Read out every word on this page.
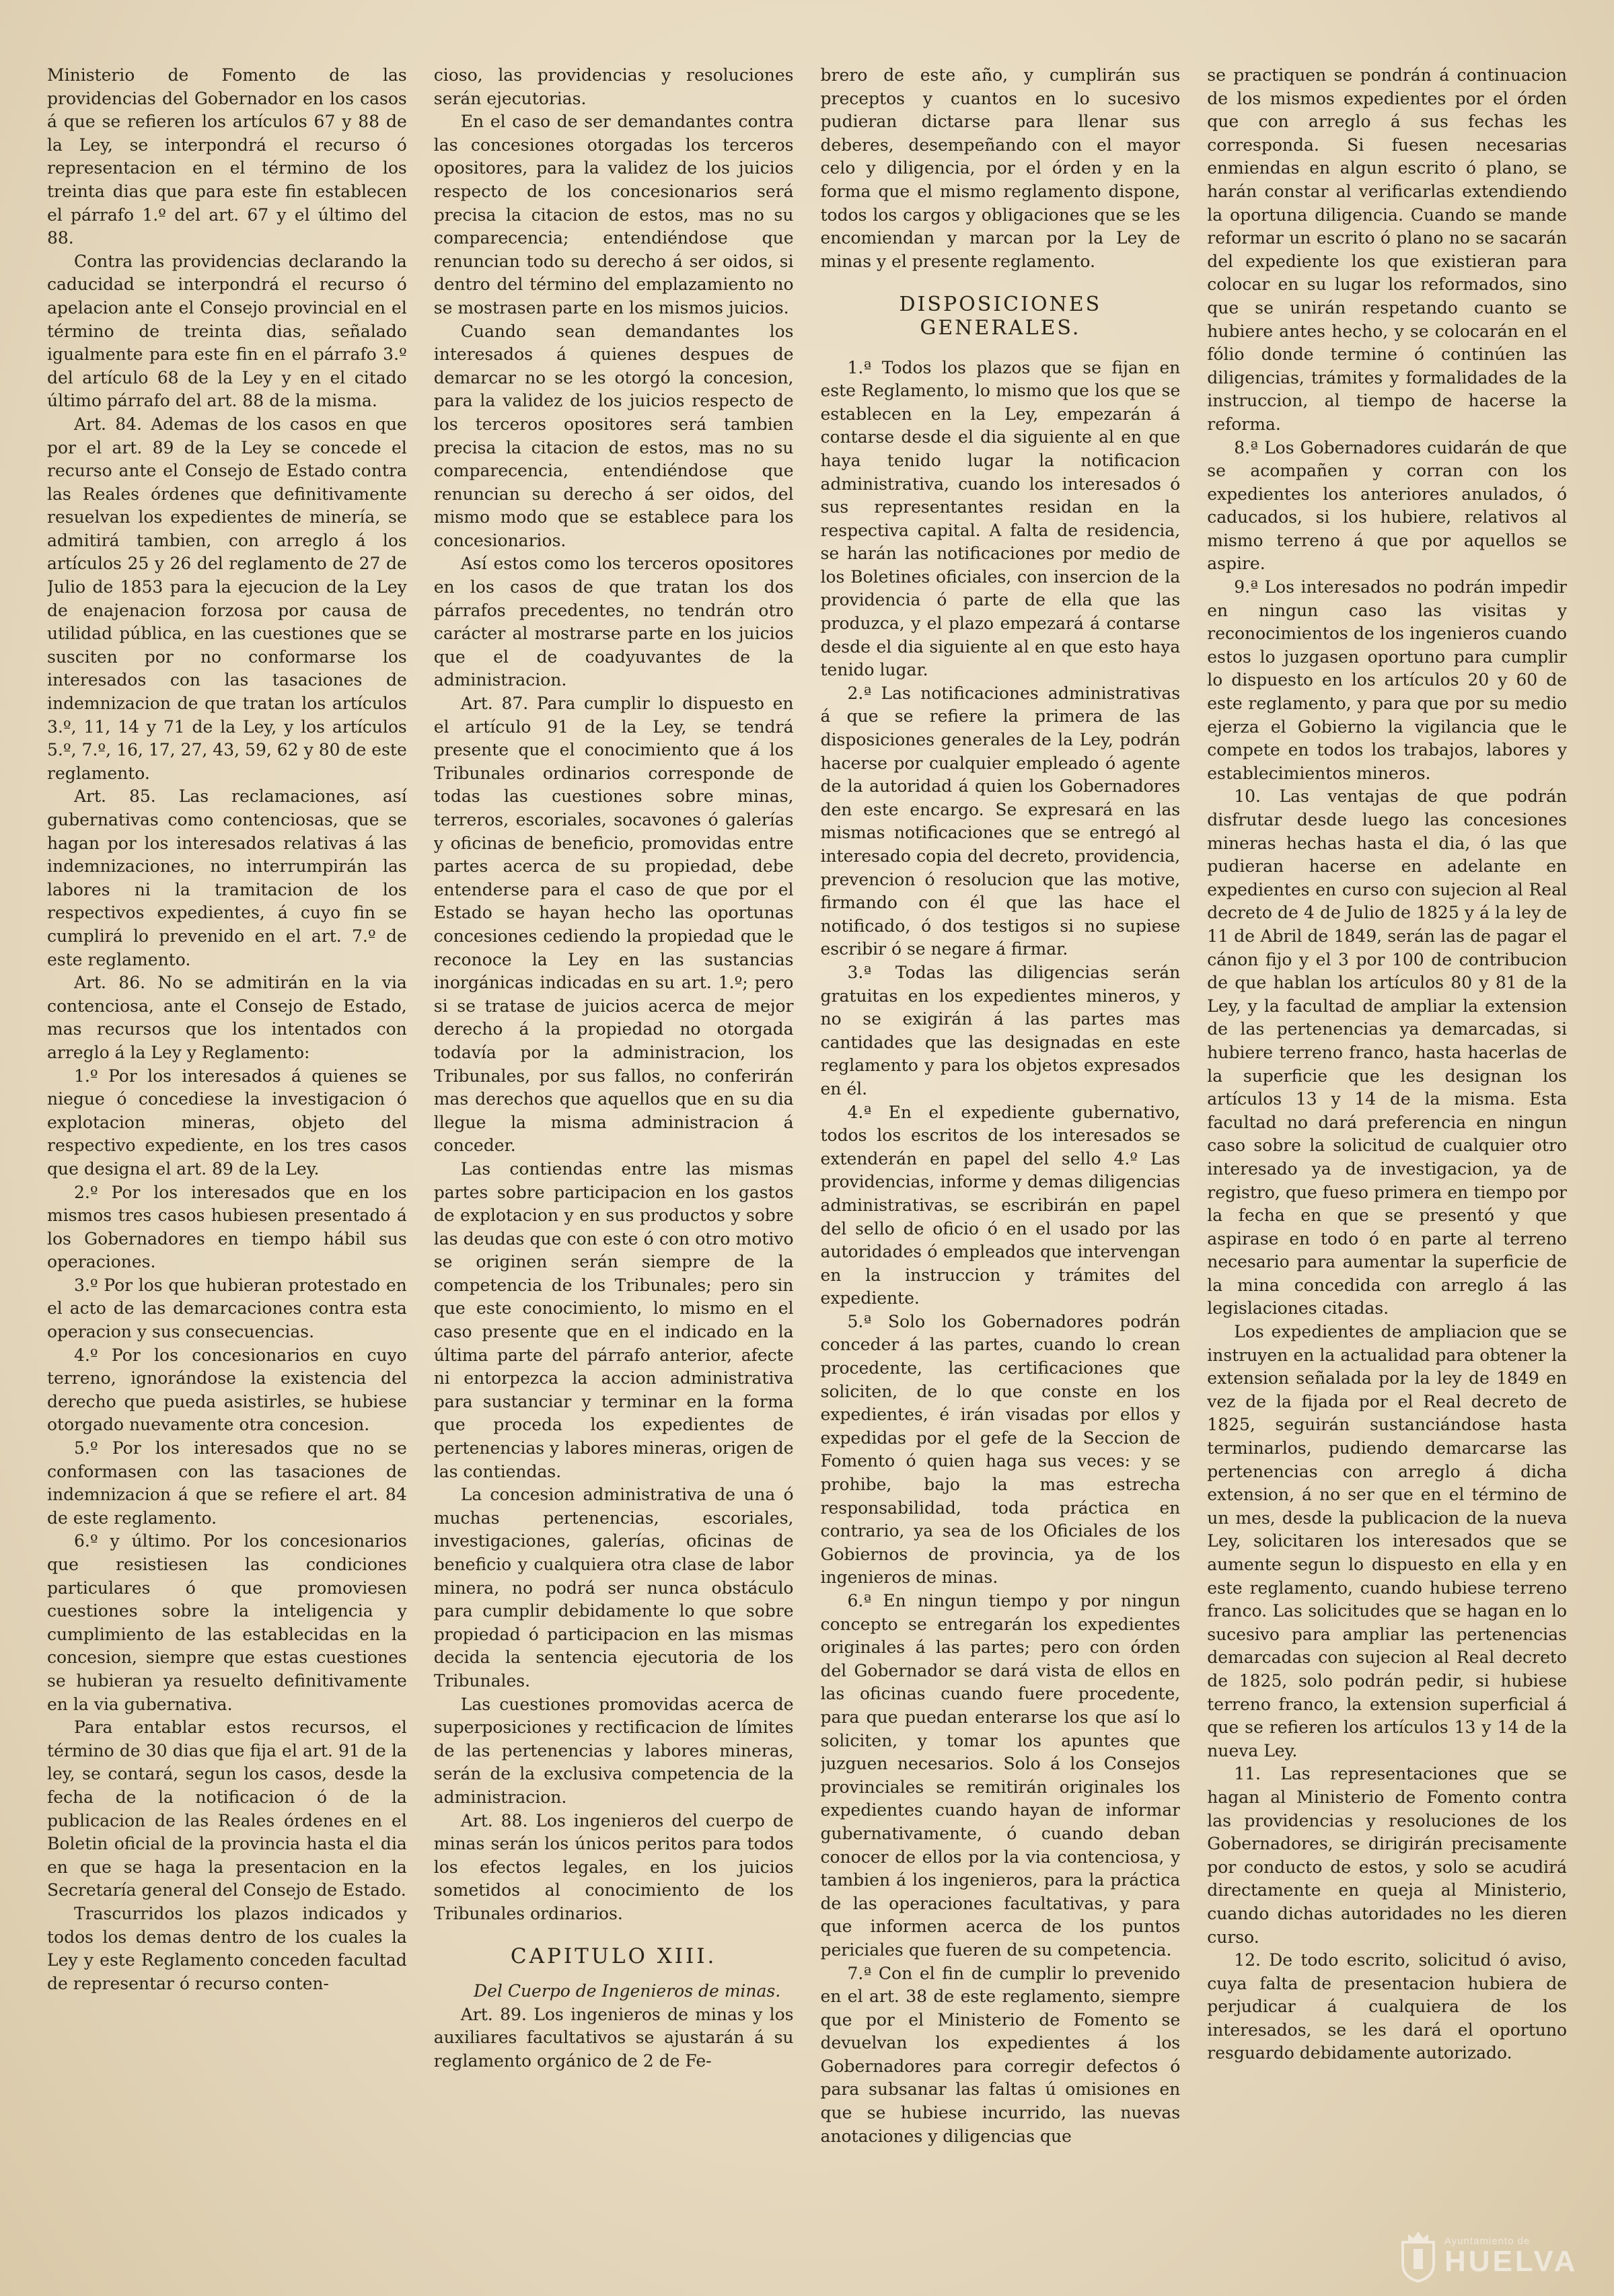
Ministerio de Fomento de las providencias del Gobernador en los casos á que se refieren los artículos 67 y 88 de la Ley, se interpondrá el recurso ó representacion en el término de los treinta dias que para este fin establecen el párrafo 1.º del art. 67 y el último del 88.

Contra las providencias declarando la caducidad se interpondrá el recurso ó apelacion ante el Consejo provincial en el término de treinta dias, señalado igualmente para este fin en el párrafo 3.º del artículo 68 de la Ley y en el citado último párrafo del art. 88 de la misma.

Art. 84. Ademas de los casos en que por el art. 89 de la Ley se concede el recurso ante el Consejo de Estado contra las Reales órdenes que definitivamente resuelvan los expedientes de minería, se admitirá tambien, con arreglo á los artículos 25 y 26 del reglamento de 27 de Julio de 1853 para la ejecucion de la Ley de enajenacion forzosa por causa de utilidad pública, en las cuestiones que se susciten por no conformarse los interesados con las tasaciones de indemnizacion de que tratan los artículos 3.º, 11, 14 y 71 de la Ley, y los artículos 5.º, 7.º, 16, 17, 27, 43, 59, 62 y 80 de este reglamento.

Art. 85. Las reclamaciones, así gubernativas como contenciosas, que se hagan por los interesados relativas á las indemnizaciones, no interrumpirán las labores ni la tramitacion de los respectivos expedientes, á cuyo fin se cumplirá lo prevenido en el art. 7.º de este reglamento.

Art. 86. No se admitirán en la via contenciosa, ante el Consejo de Estado, mas recursos que los intentados con arreglo á la Ley y Reglamento:

1.º Por los interesados á quienes se niegue ó concediese la investigacion ó explotacion mineras, objeto del respectivo expediente, en los tres casos que designa el art. 89 de la Ley.

2.º Por los interesados que en los mismos tres casos hubiesen presentado á los Gobernadores en tiempo hábil sus operaciones.

3.º Por los que hubieran protestado en el acto de las demarcaciones contra esta operacion y sus consecuencias.

4.º Por los concesionarios en cuyo terreno, ignorándose la existencia del derecho que pueda asistirles, se hubiese otorgado nuevamente otra concesion.

5.º Por los interesados que no se conformasen con las tasaciones de indemnizacion á que se refiere el art. 84 de este reglamento.

6.º y último. Por los concesionarios que resistiesen las condiciones particulares ó que promoviesen cuestiones sobre la inteligencia y cumplimiento de las establecidas en la concesion, siempre que estas cuestiones se hubieran ya resuelto definitivamente en la via gubernativa.

Para entablar estos recursos, el término de 30 dias que fija el art. 91 de la ley, se contará, segun los casos, desde la fecha de la notificacion ó de la publicacion de las Reales órdenes en el Boletin oficial de la provincia hasta el dia en que se haga la presentacion en la Secretaría general del Consejo de Estado.

Trascurridos los plazos indicados y todos los demas dentro de los cuales la Ley y este Reglamento conceden facultad de representar ó recurso conten-

cioso, las providencias y resoluciones serán ejecutorias.

En el caso de ser demandantes contra las concesiones otorgadas los terceros opositores, para la validez de los juicios respecto de los concesionarios será precisa la citacion de estos, mas no su comparecencia; entendiéndose que renuncian todo su derecho á ser oidos, si dentro del término del emplazamiento no se mostrasen parte en los mismos juicios.

Cuando sean demandantes los interesados á quienes despues de demarcar no se les otorgó la concesion, para la validez de los juicios respecto de los terceros opositores será tambien precisa la citacion de estos, mas no su comparecencia, entendiéndose que renuncian su derecho á ser oidos, del mismo modo que se establece para los concesionarios.

Así estos como los terceros opositores en los casos de que tratan los dos párrafos precedentes, no tendrán otro carácter al mostrarse parte en los juicios que el de coadyuvantes de la administracion.

Art. 87. Para cumplir lo dispuesto en el artículo 91 de la Ley, se tendrá presente que el conocimiento que á los Tribunales ordinarios corresponde de todas las cuestiones sobre minas, terreros, escoriales, socavones ó galerías y oficinas de beneficio, promovidas entre partes acerca de su propiedad, debe entenderse para el caso de que por el Estado se hayan hecho las oportunas concesiones cediendo la propiedad que le reconoce la Ley en las sustancias inorgánicas indicadas en su art. 1.º; pero si se tratase de juicios acerca de mejor derecho á la propiedad no otorgada todavía por la administracion, los Tribunales, por sus fallos, no conferirán mas derechos que aquellos que en su dia llegue la misma administracion á conceder.

Las contiendas entre las mismas partes sobre participacion en los gastos de explotacion y en sus productos y sobre las deudas que con este ó con otro motivo se originen serán siempre de la competencia de los Tribunales; pero sin que este conocimiento, lo mismo en el caso presente que en el indicado en la última parte del párrafo anterior, afecte ni entorpezca la accion administrativa para sustanciar y terminar en la forma que proceda los expedientes de pertenencias y labores mineras, origen de las contiendas.

La concesion administrativa de una ó muchas pertenencias, escoriales, investigaciones, galerías, oficinas de beneficio y cualquiera otra clase de labor minera, no podrá ser nunca obstáculo para cumplir debidamente lo que sobre propiedad ó participacion en las mismas decida la sentencia ejecutoria de los Tribunales.

Las cuestiones promovidas acerca de superposiciones y rectificacion de límites de las pertenencias y labores mineras, serán de la exclusiva competencia de la administracion.

Art. 88. Los ingenieros del cuerpo de minas serán los únicos peritos para todos los efectos legales, en los juicios sometidos al conocimiento de los Tribunales ordinarios.

CAPITULO XIII.

Del Cuerpo de Ingenieros de minas.

Art. 89. Los ingenieros de minas y los auxiliares facultativos se ajustarán á su reglamento orgánico de 2 de Fe-

brero de este año, y cumplirán sus preceptos y cuantos en lo sucesivo pudieran dictarse para llenar sus deberes, desempeñando con el mayor celo y diligencia, por el órden y en la forma que el mismo reglamento dispone, todos los cargos y obligaciones que se les encomiendan y marcan por la Ley de minas y el presente reglamento.

DISPOSICIONES GENERALES.

1.ª Todos los plazos que se fijan en este Reglamento, lo mismo que los que se establecen en la Ley, empezarán á contarse desde el dia siguiente al en que haya tenido lugar la notificacion administrativa, cuando los interesados ó sus representantes residan en la respectiva capital. A falta de residencia, se harán las notificaciones por medio de los Boletines oficiales, con insercion de la providencia ó parte de ella que las produzca, y el plazo empezará á contarse desde el dia siguiente al en que esto haya tenido lugar.

2.ª Las notificaciones administrativas á que se refiere la primera de las disposiciones generales de la Ley, podrán hacerse por cualquier empleado ó agente de la autoridad á quien los Gobernadores den este encargo. Se expresará en las mismas notificaciones que se entregó al interesado copia del decreto, providencia, prevencion ó resolucion que las motive, firmando con él que las hace el notificado, ó dos testigos si no supiese escribir ó se negare á firmar.

3.ª Todas las diligencias serán gratuitas en los expedientes mineros, y no se exigirán á las partes mas cantidades que las designadas en este reglamento y para los objetos expresados en él.

4.ª En el expediente gubernativo, todos los escritos de los interesados se extenderán en papel del sello 4.º Las providencias, informe y demas diligencias administrativas, se escribirán en papel del sello de oficio ó en el usado por las autoridades ó empleados que intervengan en la instruccion y trámites del expediente.

5.ª Solo los Gobernadores podrán conceder á las partes, cuando lo crean procedente, las certificaciones que soliciten, de lo que conste en los expedientes, é irán visadas por ellos y expedidas por el gefe de la Seccion de Fomento ó quien haga sus veces: y se prohibe, bajo la mas estrecha responsabilidad, toda práctica en contrario, ya sea de los Oficiales de los Gobiernos de provincia, ya de los ingenieros de minas.

6.ª En ningun tiempo y por ningun concepto se entregarán los expedientes originales á las partes; pero con órden del Gobernador se dará vista de ellos en las oficinas cuando fuere procedente, para que puedan enterarse los que así lo soliciten, y tomar los apuntes que juzguen necesarios. Solo á los Consejos provinciales se remitirán originales los expedientes cuando hayan de informar gubernativamente, ó cuando deban conocer de ellos por la via contenciosa, y tambien á los ingenieros, para la práctica de las operaciones facultativas, y para que informen acerca de los puntos periciales que fueren de su competencia.

7.ª Con el fin de cumplir lo prevenido en el art. 38 de este reglamento, siempre que por el Ministerio de Fomento se devuelvan los expedientes á los Gobernadores para corregir defectos ó para subsanar las faltas ú omisiones en que se hubiese incurrido, las nuevas anotaciones y diligencias que

se practiquen se pondrán á continuacion de los mismos expedientes por el órden que con arreglo á sus fechas les corresponda. Si fuesen necesarias enmiendas en algun escrito ó plano, se harán constar al verificarlas extendiendo la oportuna diligencia. Cuando se mande reformar un escrito ó plano no se sacarán del expediente los que existieran para colocar en su lugar los reformados, sino que se unirán respetando cuanto se hubiere antes hecho, y se colocarán en el fólio donde termine ó continúen las diligencias, trámites y formalidades de la instruccion, al tiempo de hacerse la reforma.

8.ª Los Gobernadores cuidarán de que se acompañen y corran con los expedientes los anteriores anulados, ó caducados, si los hubiere, relativos al mismo terreno á que por aquellos se aspire.

9.ª Los interesados no podrán impedir en ningun caso las visitas y reconocimientos de los ingenieros cuando estos lo juzgasen oportuno para cumplir lo dispuesto en los artículos 20 y 60 de este reglamento, y para que por su medio ejerza el Gobierno la vigilancia que le compete en todos los trabajos, labores y establecimientos mineros.

10. Las ventajas de que podrán disfrutar desde luego las concesiones mineras hechas hasta el dia, ó las que pudieran hacerse en adelante en expedientes en curso con sujecion al Real decreto de 4 de Julio de 1825 y á la ley de 11 de Abril de 1849, serán las de pagar el cánon fijo y el 3 por 100 de contribucion de que hablan los artículos 80 y 81 de la Ley, y la facultad de ampliar la extension de las pertenencias ya demarcadas, si hubiere terreno franco, hasta hacerlas de la superficie que les designan los artículos 13 y 14 de la misma. Esta facultad no dará preferencia en ningun caso sobre la solicitud de cualquier otro interesado ya de investigacion, ya de registro, que fueso primera en tiempo por la fecha en que se presentó y que aspirase en todo ó en parte al terreno necesario para aumentar la superficie de la mina concedida con arreglo á las legislaciones citadas.

Los expedientes de ampliacion que se instruyen en la actualidad para obtener la extension señalada por la ley de 1849 en vez de la fijada por el Real decreto de 1825, seguirán sustanciándose hasta terminarlos, pudiendo demarcarse las pertenencias con arreglo á dicha extension, á no ser que en el término de un mes, desde la publicacion de la nueva Ley, solicitaren los interesados que se aumente segun lo dispuesto en ella y en este reglamento, cuando hubiese terreno franco. Las solicitudes que se hagan en lo sucesivo para ampliar las pertenencias demarcadas con sujecion al Real decreto de 1825, solo podrán pedir, si hubiese terreno franco, la extension superficial á que se refieren los artículos 13 y 14 de la nueva Ley.

11. Las representaciones que se hagan al Ministerio de Fomento contra las providencias y resoluciones de los Gobernadores, se dirigirán precisamente por conducto de estos, y solo se acudirá directamente en queja al Ministerio, cuando dichas autoridades no les dieren curso.

12. De todo escrito, solicitud ó aviso, cuya falta de presentacion hubiera de perjudicar á cualquiera de los interesados, se les dará el oportuno resguardo debidamente autorizado.

Ayuntamiento de
HUELVA
